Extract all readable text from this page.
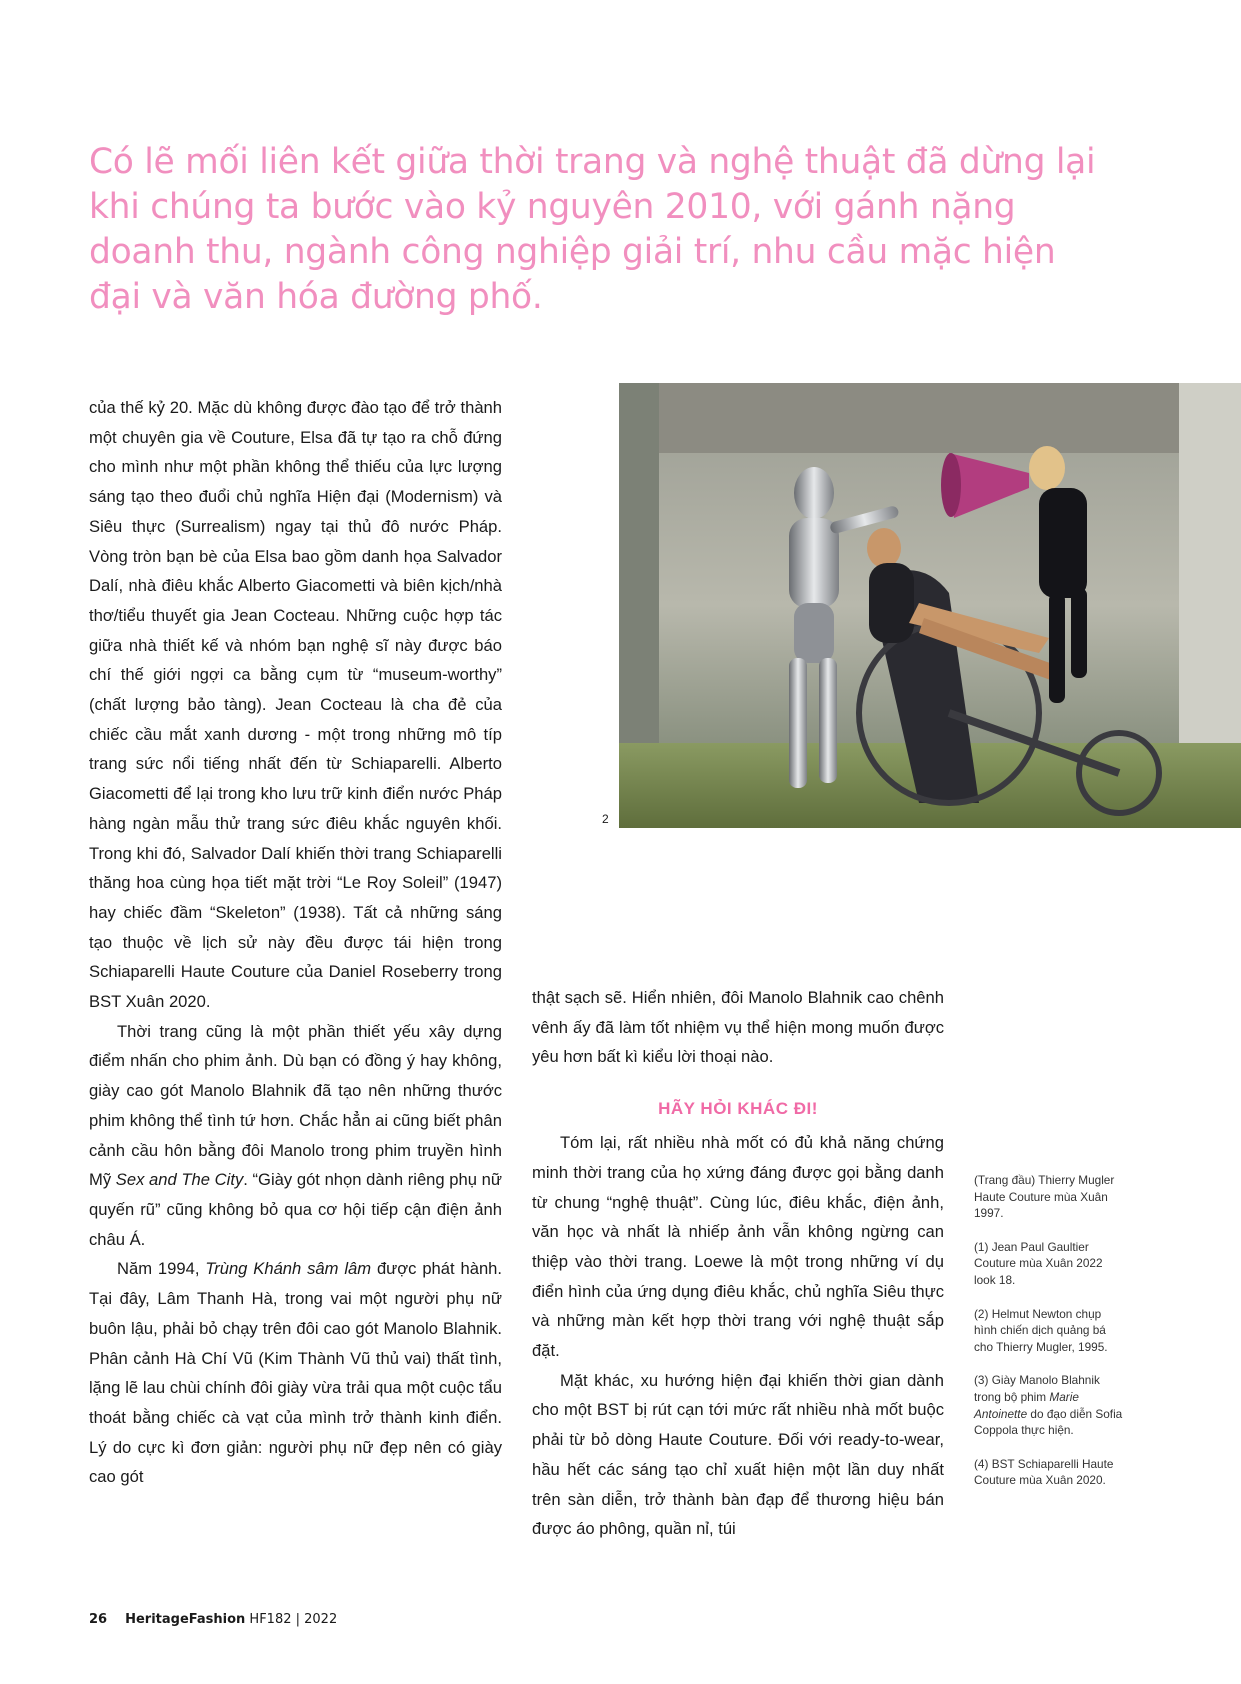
Có lẽ mối liên kết giữa thời trang và nghệ thuật đã dừng lại khi chúng ta bước vào kỷ nguyên 2010, với gánh nặng doanh thu, ngành công nghiệp giải trí, nhu cầu mặc hiện đại và văn hóa đường phố.

của thế kỷ 20. Mặc dù không được đào tạo để trở thành một chuyên gia về Couture, Elsa đã tự tạo ra chỗ đứng cho mình như một phần không thể thiếu của lực lượng sáng tạo theo đuổi chủ nghĩa Hiện đại (Modernism) và Siêu thực (Surrealism) ngay tại thủ đô nước Pháp. Vòng tròn bạn bè của Elsa bao gồm danh họa Salvador Dalí, nhà điêu khắc Alberto Giacometti và biên kịch/nhà thơ/tiểu thuyết gia Jean Cocteau. Những cuộc hợp tác giữa nhà thiết kế và nhóm bạn nghệ sĩ này được báo chí thế giới ngợi ca bằng cụm từ “museum-worthy” (chất lượng bảo tàng). Jean Cocteau là cha đẻ của chiếc cầu mắt xanh dương - một trong những mô típ trang sức nổi tiếng nhất đến từ Schiaparelli. Alberto Giacometti để lại trong kho lưu trữ kinh điển nước Pháp hàng ngàn mẫu thử trang sức điêu khắc nguyên khối. Trong khi đó, Salvador Dalí khiến thời trang Schiaparelli thăng hoa cùng họa tiết mặt trời “Le Roy Soleil” (1947) hay chiếc đầm “Skeleton” (1938). Tất cả những sáng tạo thuộc về lịch sử này đều được tái hiện trong Schiaparelli Haute Couture của Daniel Roseberry trong BST Xuân 2020.

Thời trang cũng là một phần thiết yếu xây dựng điểm nhấn cho phim ảnh. Dù bạn có đồng ý hay không, giày cao gót Manolo Blahnik đã tạo nên những thước phim không thể tình tứ hơn. Chắc hẳn ai cũng biết phân cảnh cầu hôn bằng đôi Manolo trong phim truyền hình Mỹ Sex and The City. “Giày gót nhọn dành riêng phụ nữ quyến rũ” cũng không bỏ qua cơ hội tiếp cận điện ảnh châu Á.

Năm 1994, Trùng Khánh sâm lâm được phát hành. Tại đây, Lâm Thanh Hà, trong vai một người phụ nữ buôn lậu, phải bỏ chạy trên đôi cao gót Manolo Blahnik. Phân cảnh Hà Chí Vũ (Kim Thành Vũ thủ vai) thất tình, lặng lẽ lau chùi chính đôi giày vừa trải qua một cuộc tẩu thoát bằng chiếc cà vạt của mình trở thành kinh điển. Lý do cực kì đơn giản: người phụ nữ đẹp nên có giày cao gót

2

thật sạch sẽ. Hiển nhiên, đôi Manolo Blahnik cao chênh vênh ấy đã làm tốt nhiệm vụ thể hiện mong muốn được yêu hơn bất kì kiểu lời thoại nào.

HÃY HỎI KHÁC ĐI!

Tóm lại, rất nhiều nhà mốt có đủ khả năng chứng minh thời trang của họ xứng đáng được gọi bằng danh từ chung “nghệ thuật”. Cùng lúc, điêu khắc, điện ảnh, văn học và nhất là nhiếp ảnh vẫn không ngừng can thiệp vào thời trang. Loewe là một trong những ví dụ điển hình của ứng dụng điêu khắc, chủ nghĩa Siêu thực và những màn kết hợp thời trang với nghệ thuật sắp đặt.

Mặt khác, xu hướng hiện đại khiến thời gian dành cho một BST bị rút cạn tới mức rất nhiều nhà mốt buộc phải từ bỏ dòng Haute Couture. Đối với ready-to-wear, hầu hết các sáng tạo chỉ xuất hiện một lần duy nhất trên sàn diễn, trở thành bàn đạp để thương hiệu bán được áo phông, quần nỉ, túi

(Trang đầu) Thierry Mugler Haute Couture mùa Xuân 1997.

(1) Jean Paul Gaultier Couture mùa Xuân 2022 look 18.

(2) Helmut Newton chụp hình chiến dịch quảng bá cho Thierry Mugler, 1995.

(3) Giày Manolo Blahnik trong bộ phim Marie Antoinette do đạo diễn Sofia Coppola thực hiện.

(4) BST Schiaparelli Haute Couture mùa Xuân 2020.

26 HeritageFashion HF182 | 2022
